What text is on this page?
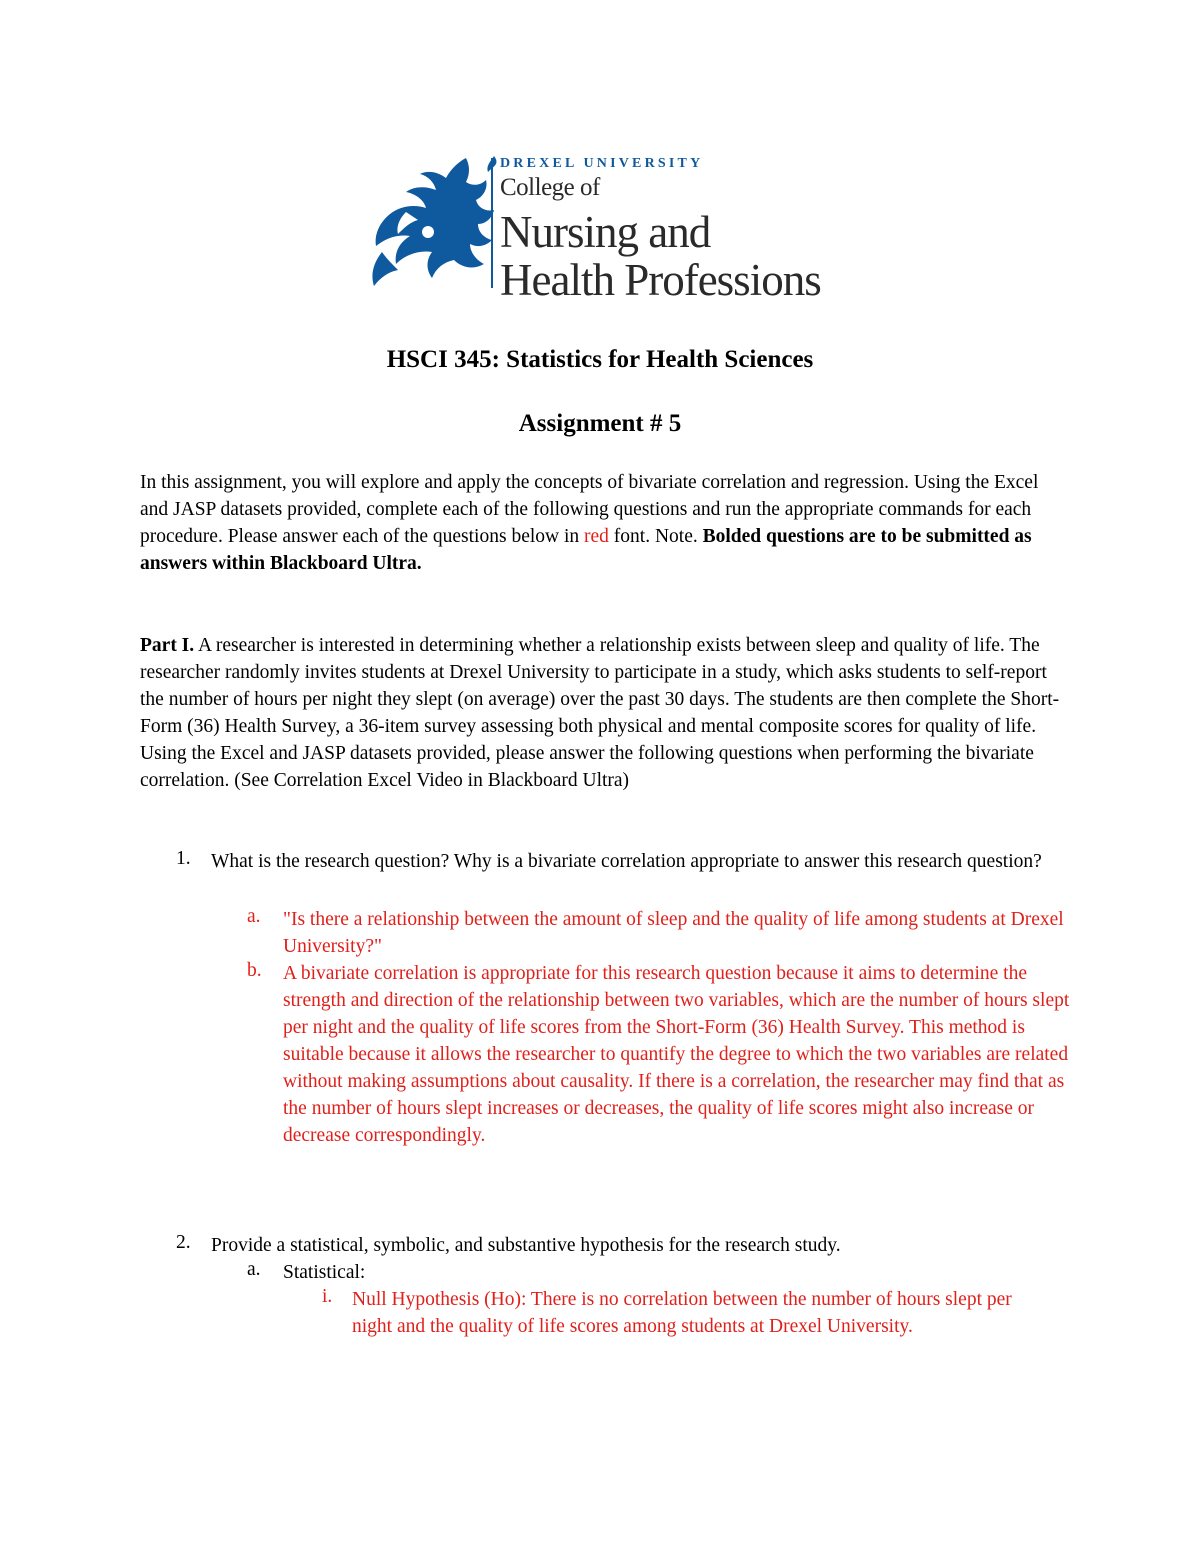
DREXEL UNIVERSITY
College of
Nursing and
Health Professions
HSCI 345: Statistics for Health Sciences
Assignment # 5

In this assignment, you will explore and apply the concepts of bivariate correlation and regression. Using the Excel and JASP datasets provided, complete each of the following questions and run the appropriate commands for each procedure. Please answer each of the questions below in red font. Note. Bolded questions are to be submitted as answers within Blackboard Ultra.

Part I. A researcher is interested in determining whether a relationship exists between sleep and quality of life. The researcher randomly invites students at Drexel University to participate in a study, which asks students to self-report the number of hours per night they slept (on average) over the past 30 days. The students are then complete the Short-Form (36) Health Survey, a 36-item survey assessing both physical and mental composite scores for quality of life. Using the Excel and JASP datasets provided, please answer the following questions when performing the bivariate correlation. (See Correlation Excel Video in Blackboard Ultra)

1. What is the research question? Why is a bivariate correlation appropriate to answer this research question?

a. "Is there a relationship between the amount of sleep and the quality of life among students at Drexel University?"

b. A bivariate correlation is appropriate for this research question because it aims to determine the strength and direction of the relationship between two variables, which are the number of hours slept per night and the quality of life scores from the Short-Form (36) Health Survey. This method is suitable because it allows the researcher to quantify the degree to which the two variables are related without making assumptions about causality. If there is a correlation, the researcher may find that as the number of hours slept increases or decreases, the quality of life scores might also increase or decrease correspondingly.

2. Provide a statistical, symbolic, and substantive hypothesis for the research study.

a. Statistical:

i. Null Hypothesis (Ho): There is no correlation between the number of hours slept per night and the quality of life scores among students at Drexel University.
